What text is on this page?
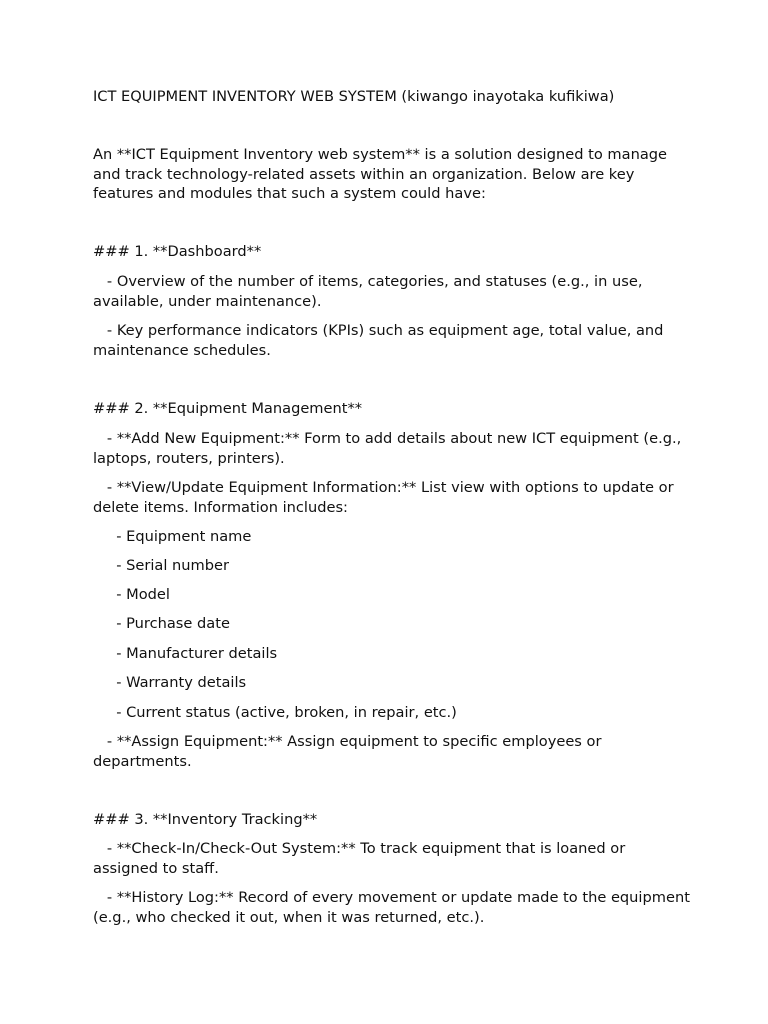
ICT EQUIPMENT INVENTORY WEB SYSTEM (kiwango inayotaka kufikiwa)

An **ICT Equipment Inventory web system** is a solution designed to manage and track technology-related assets within an organization. Below are key features and modules that such a system could have:

### 1. **Dashboard**

- Overview of the number of items, categories, and statuses (e.g., in use, available, under maintenance).

- Key performance indicators (KPIs) such as equipment age, total value, and maintenance schedules.

### 2. **Equipment Management**

- **Add New Equipment:** Form to add details about new ICT equipment (e.g., laptops, routers, printers).

- **View/Update Equipment Information:** List view with options to update or delete items. Information includes:

- Equipment name

- Serial number

- Model

- Purchase date

- Manufacturer details

- Warranty details

- Current status (active, broken, in repair, etc.)

- **Assign Equipment:** Assign equipment to specific employees or departments.

### 3. **Inventory Tracking**

- **Check-In/Check-Out System:** To track equipment that is loaned or assigned to staff.

- **History Log:** Record of every movement or update made to the equipment (e.g., who checked it out, when it was returned, etc.).
